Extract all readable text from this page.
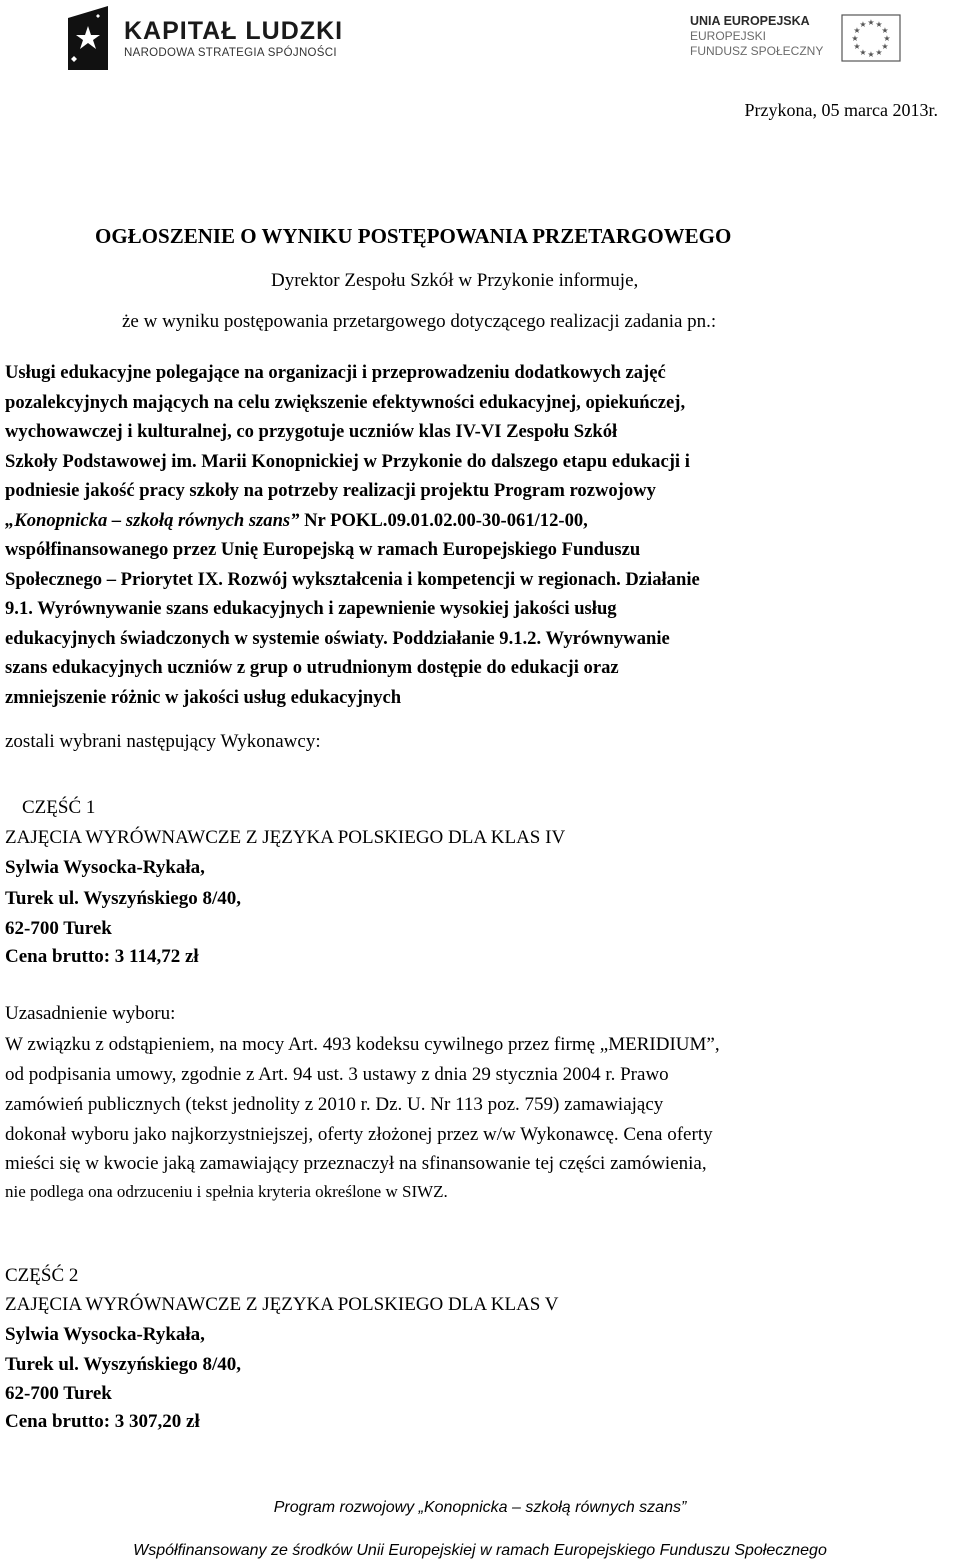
KAPITAŁ LUDZKI
NARODOWA STRATEGIA SPÓJNOŚCI
UNIA EUROPEJSKA
EUROPEJSKI
FUNDUSZ SPOŁECZNY
★ ★
★
★
★
★
★
★
★
★
★
★
Przykona, 05 marca 2013r.
OGŁOSZENIE O WYNIKU POSTĘPOWANIA PRZETARGOWEGO
Dyrektor Zespołu Szkół w Przykonie informuje,
że w wyniku postępowania przetargowego dotyczącego realizacji zadania pn.:
Usługi edukacyjne polegające na organizacji i przeprowadzeniu dodatkowych zajęć
pozalekcyjnych mających na celu zwiększenie efektywności edukacyjnej, opiekuńczej,
wychowawczej i kulturalnej, co przygotuje uczniów klas IV-VI Zespołu Szkół
Szkoły Podstawowej im. Marii Konopnickiej w Przykonie do dalszego etapu edukacji i
podniesie jakość pracy szkoły na potrzeby realizacji projektu Program rozwojowy
„Konopnicka – szkołą równych szans” Nr POKL.09.01.02.00-30-061/12-00,
współfinansowanego przez Unię Europejską w ramach Europejskiego Funduszu
Społecznego – Priorytet IX. Rozwój wykształcenia i kompetencji w regionach. Działanie
9.1. Wyrównywanie szans edukacyjnych i zapewnienie wysokiej jakości usług
edukacyjnych świadczonych w systemie oświaty. Poddziałanie 9.1.2. Wyrównywanie
szans edukacyjnych uczniów z grup o utrudnionym dostępie do edukacji oraz
zmniejszenie różnic w jakości usług edukacyjnych
zostali wybrani następujący Wykonawcy:
CZĘŚĆ 1
ZAJĘCIA WYRÓWNAWCZE Z JĘZYKA POLSKIEGO DLA KLAS IV
Sylwia Wysocka-Rykała,
Turek ul. Wyszyńskiego 8/40,
62-700 Turek
Cena brutto: 3 114,72 zł
Uzasadnienie wyboru:
W związku z odstąpieniem, na mocy Art. 493 kodeksu cywilnego przez firmę „MERIDIUM”,
od podpisania umowy, zgodnie z Art. 94 ust. 3 ustawy z dnia 29 stycznia 2004 r. Prawo
zamówień publicznych (tekst jednolity z 2010 r. Dz. U. Nr 113 poz. 759) zamawiający
dokonał wyboru jako najkorzystniejszej, oferty złożonej przez w/w Wykonawcę. Cena oferty
mieści się w kwocie jaką zamawiający przeznaczył na sfinansowanie tej części zamówienia,
nie podlega ona odrzuceniu i spełnia kryteria określone w SIWZ.
CZĘŚĆ 2
ZAJĘCIA WYRÓWNAWCZE Z JĘZYKA POLSKIEGO DLA KLAS V
Sylwia Wysocka-Rykała,
Turek ul. Wyszyńskiego 8/40,
62-700 Turek
Cena brutto: 3 307,20 zł
Program rozwojowy „Konopnicka – szkołą równych szans”
Współfinansowany ze środków Unii Europejskiej w ramach Europejskiego Funduszu Społecznego
